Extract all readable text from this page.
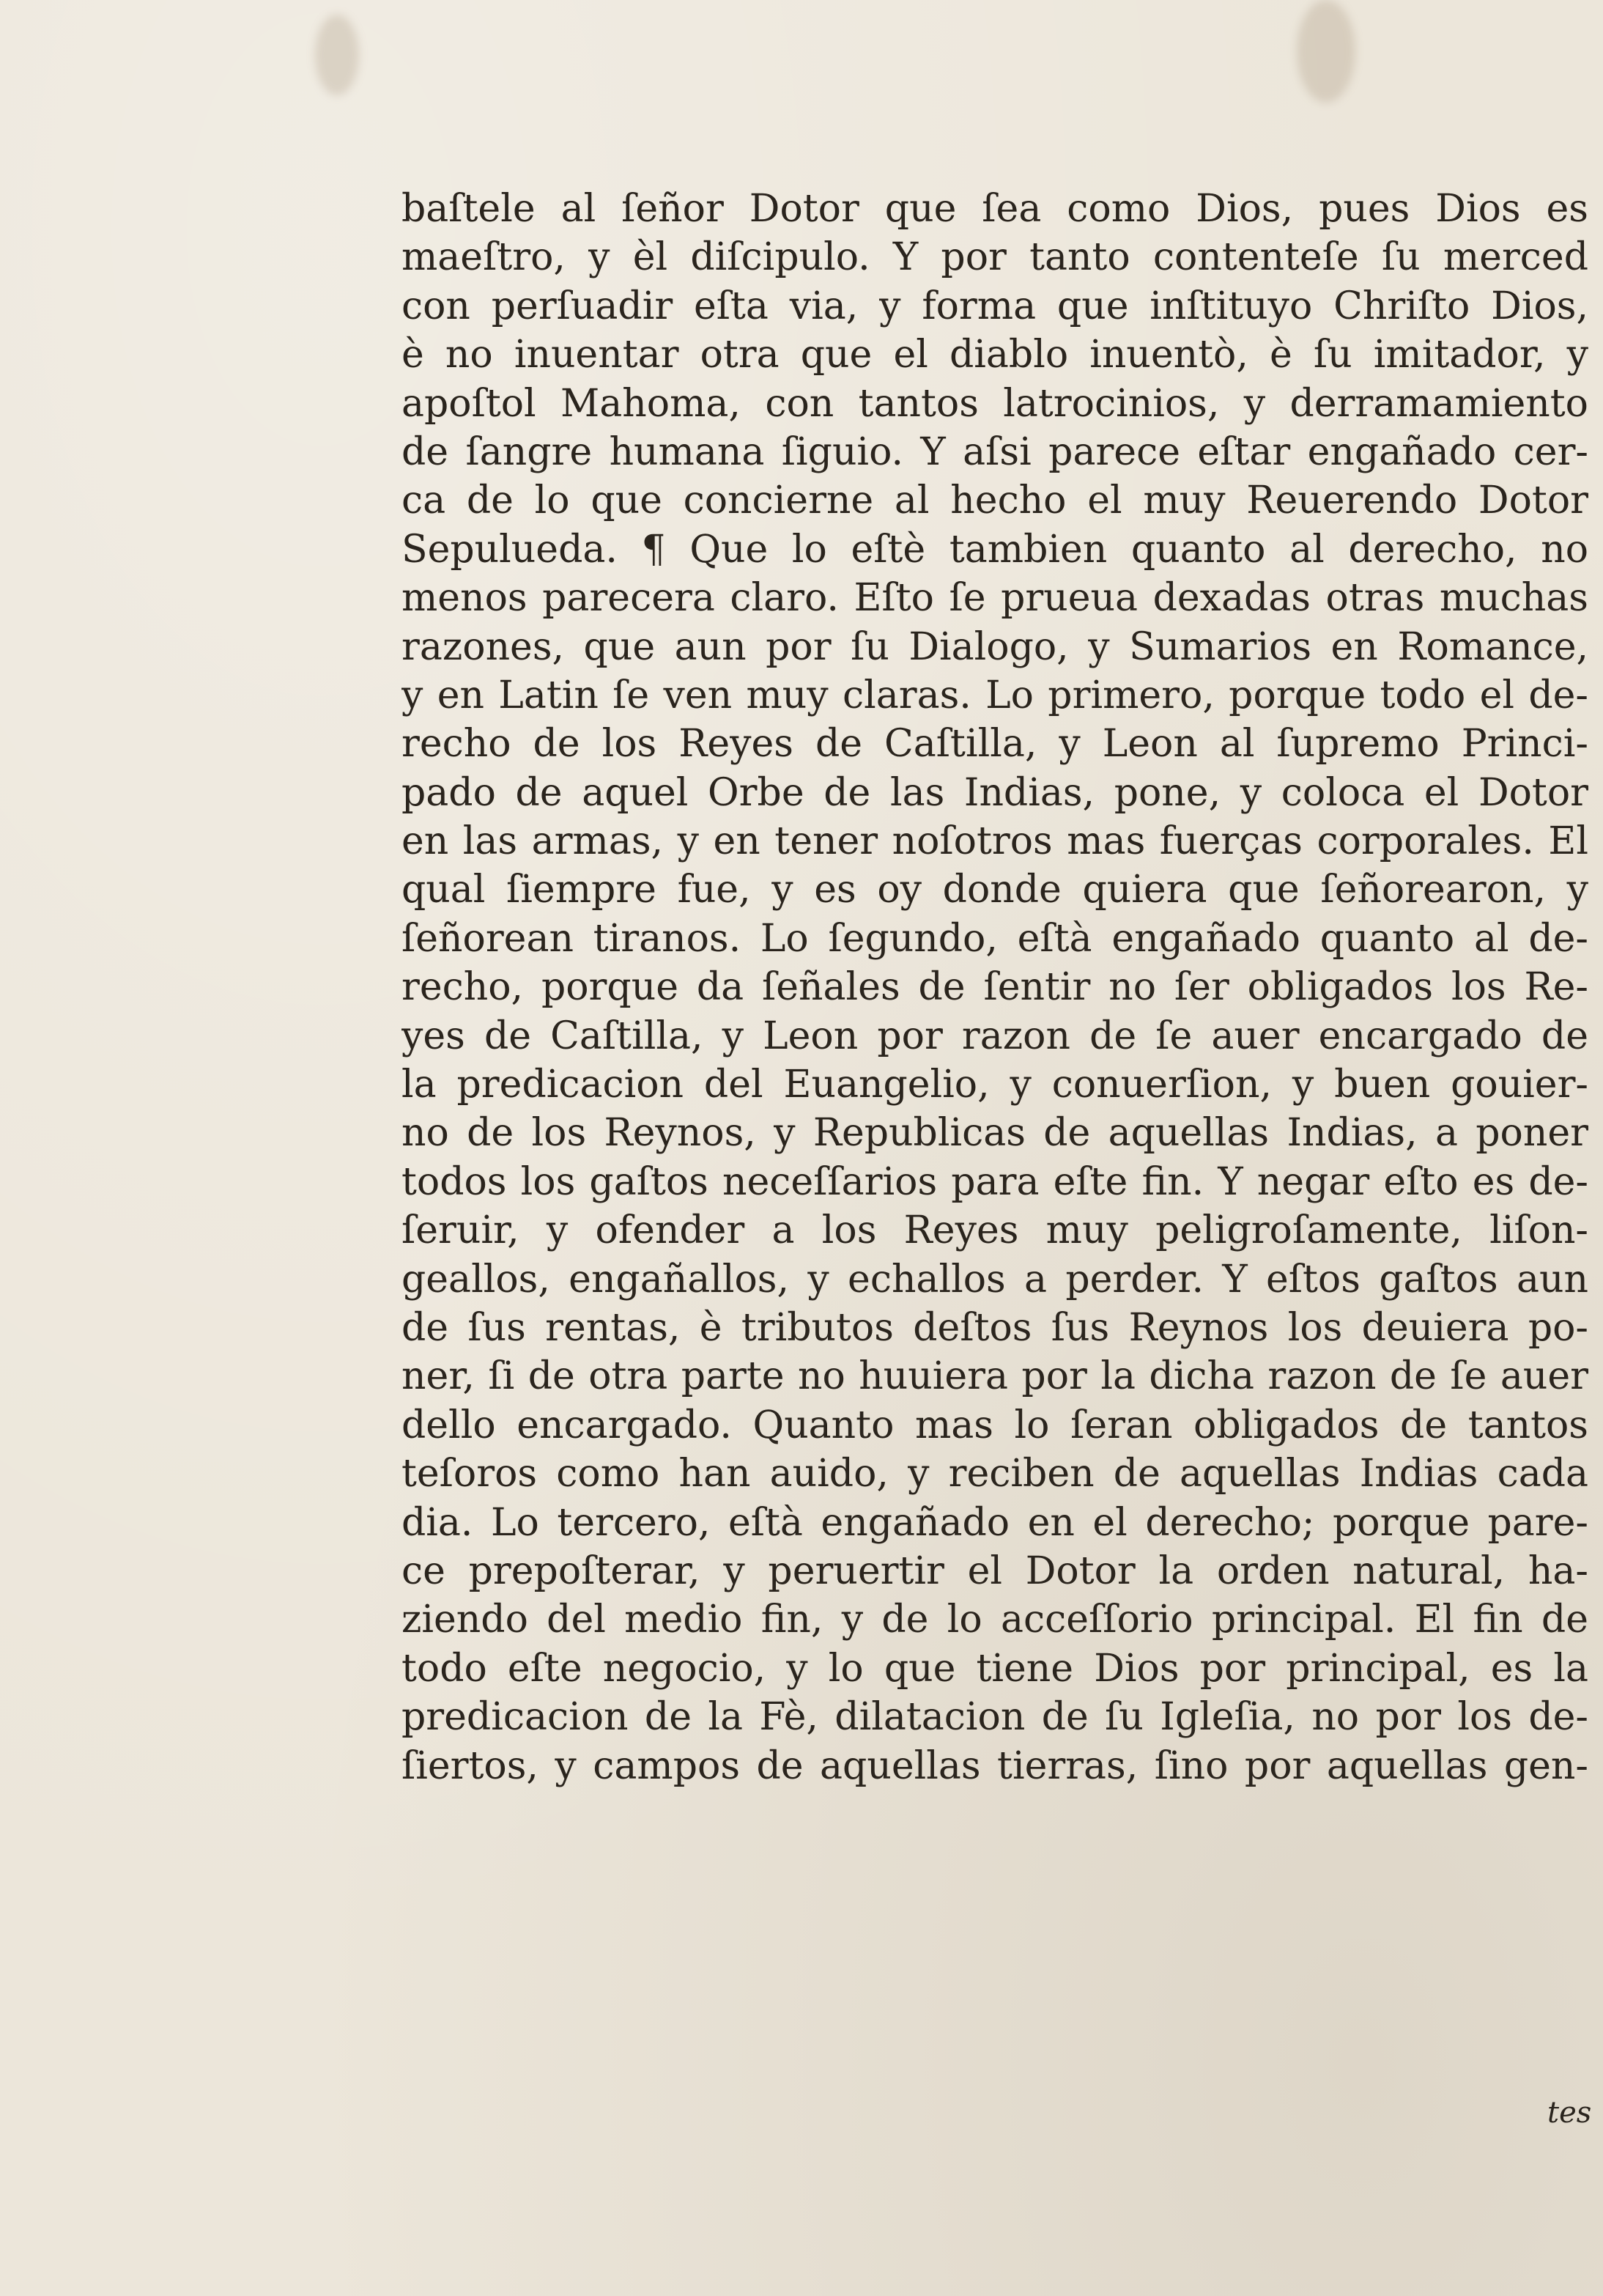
baſtele al ſeñor Dotor que ſea como Dios, pues Dios es
maeſtro, y èl diſcipulo. Y por tanto contenteſe ſu merced
con perſuadir eſta via, y forma que inſtituyo Chriſto Dios,
è no inuentar otra que el diablo inuentò, è ſu imitador, y
apoſtol Mahoma, con tantos latrocinios, y derramamiento
de ſangre humana ſiguio. Y aſsi parece eſtar engañado cer-
ca de lo que concierne al hecho el muy Reuerendo Dotor
Sepulueda. ¶ Que lo eſtè tambien quanto al derecho, no
menos parecera claro. Eſto ſe prueua dexadas otras muchas
razones, que aun por ſu Dialogo, y Sumarios en Romance,
y en Latin ſe ven muy claras. Lo primero, porque todo el de-
recho de los Reyes de Caſtilla, y Leon al ſupremo Princi-
pado de aquel Orbe de las Indias, pone, y coloca el Dotor
en las armas, y en tener noſotros mas fuerças corporales. El
qual ſiempre fue, y es oy donde quiera que ſeñorearon, y
ſeñorean tiranos. Lo ſegundo, eſtà engañado quanto al de-
recho, porque da ſeñales de ſentir no ſer obligados los Re-
yes de Caſtilla, y Leon por razon de ſe auer encargado de
la predicacion del Euangelio, y conuerſion, y buen gouier-
no de los Reynos, y Republicas de aquellas Indias, a poner
todos los gaſtos neceſſarios para eſte fin. Y negar eſto es de-
ſeruir, y ofender a los Reyes muy peligroſamente, liſon-
gеallos, engañallos, y echallos a perder. Y eſtos gaſtos aun
de ſus rentas, è tributos deſtos ſus Reynos los deuiera po-
ner, ſi de otra parte no huuiera por la dicha razon de ſe auer
dello encargado. Quanto mas lo ſeran obligados de tantos
teſoros como han auido, y reciben de aquellas Indias cada
dia. Lo tercero, eſtà engañado en el derecho; porque pare-
ce prepoſterar, y peruertir el Dotor la orden natural, ha-
ziendo del medio fin, y de lo acceſſorio principal. El fin de
todo eſte negocio, y lo que tiene Dios por principal, es la
predicacion de la Fè, dilatacion de ſu Igleſia, no por los de-
ſiertos, y campos de aquellas tierras, ſino por aquellas gen-
tes
